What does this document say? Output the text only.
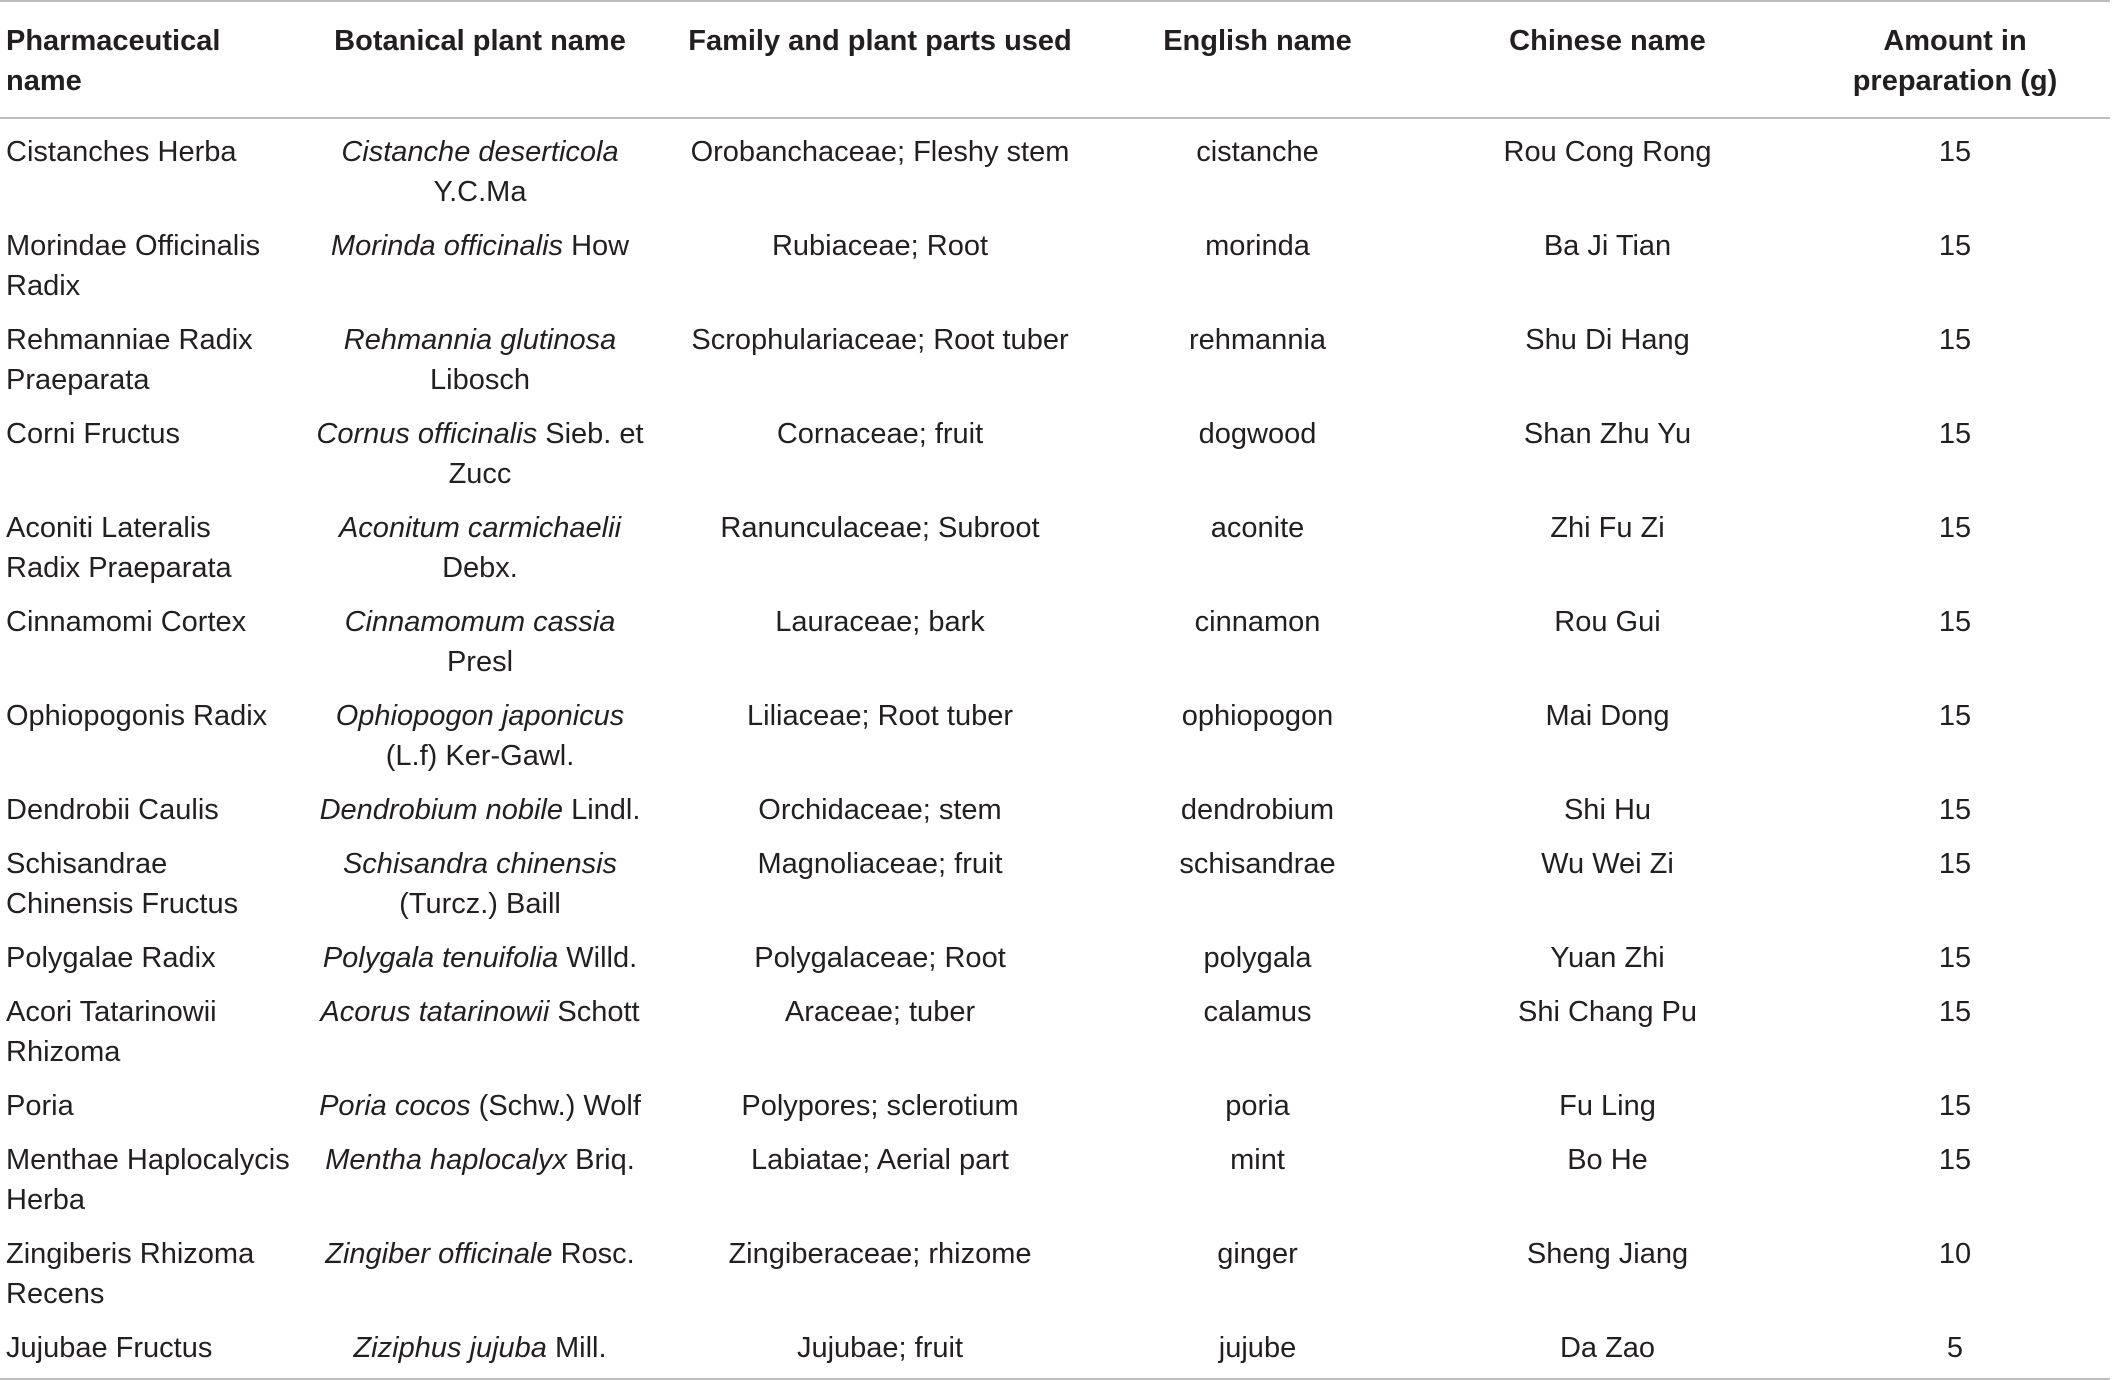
Pharmaceutical name	Botanical plant name	Family and plant parts used	English name	Chinese name	Amount in preparation (g)
Cistanches Herba	Cistanche deserticola Y.C.Ma	Orobanchaceae; Fleshy stem	cistanche	Rou Cong Rong	15
Morindae Officinalis Radix	Morinda officinalis How	Rubiaceae; Root	morinda	Ba Ji Tian	15
Rehmanniae Radix Praeparata	Rehmannia glutinosa Libosch	Scrophulariaceae; Root tuber	rehmannia	Shu Di Hang	15
Corni Fructus	Cornus officinalis Sieb. et Zucc	Cornaceae; fruit	dogwood	Shan Zhu Yu	15
Aconiti Lateralis Radix Praeparata	Aconitum carmichaelii Debx.	Ranunculaceae; Subroot	aconite	Zhi Fu Zi	15
Cinnamomi Cortex	Cinnamomum cassia Presl	Lauraceae; bark	cinnamon	Rou Gui	15
Ophiopogonis Radix	Ophiopogon japonicus (L.f) Ker-Gawl.	Liliaceae; Root tuber	ophiopogon	Mai Dong	15
Dendrobii Caulis	Dendrobium nobile Lindl.	Orchidaceae; stem	dendrobium	Shi Hu	15
Schisandrae Chinensis Fructus	Schisandra chinensis (Turcz.) Baill	Magnoliaceae; fruit	schisandrae	Wu Wei Zi	15
Polygalae Radix	Polygala tenuifolia Willd.	Polygalaceae; Root	polygala	Yuan Zhi	15
Acori Tatarinowii Rhizoma	Acorus tatarinowii Schott	Araceae; tuber	calamus	Shi Chang Pu	15
Poria	Poria cocos (Schw.) Wolf	Polypores; sclerotium	poria	Fu Ling	15
Menthae Haplocalycis Herba	Mentha haplocalyx Briq.	Labiatae; Aerial part	mint	Bo He	15
Zingiberis Rhizoma Recens	Zingiber officinale Rosc.	Zingiberaceae; rhizome	ginger	Sheng Jiang	10
Jujubae Fructus	Ziziphus jujuba Mill.	Jujubae; fruit	jujube	Da Zao	5
